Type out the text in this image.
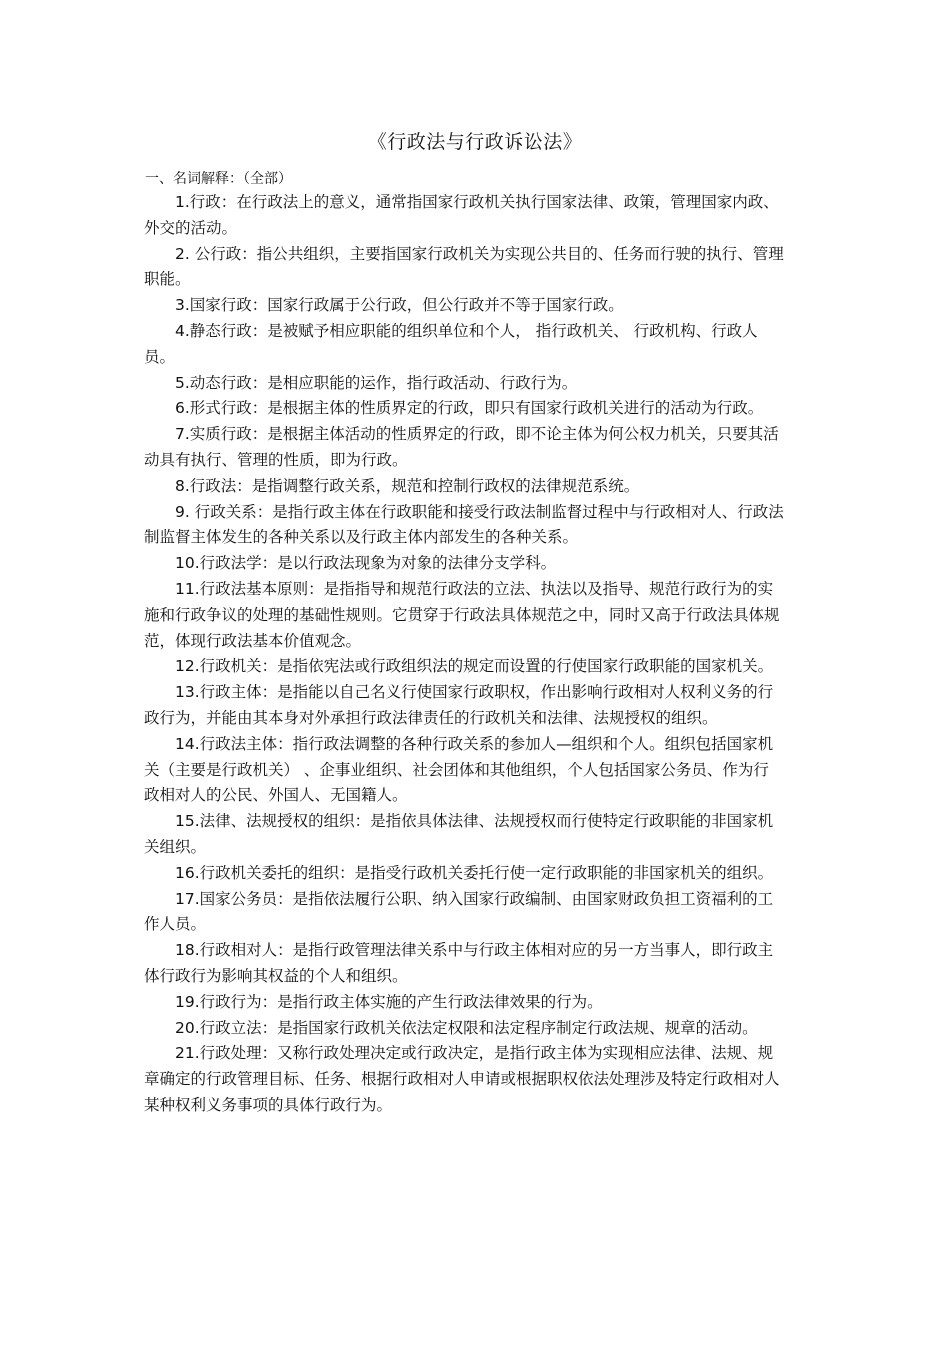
《行政法与行政诉讼法》
一、名词解释：（全部）

1.行政：在行政法上的意义，通常指国家行政机关执行国家法律、政策，管理国家内政、外交的活动。

2. 公行政：指公共组织，主要指国家行政机关为实现公共目的、任务而行驶的执行、管理职能。

3.国家行政：国家行政属于公行政，但公行政并不等于国家行政。

4.静态行政：是被赋予相应职能的组织单位和个人， 指行政机关、 行政机构、行政人员。

5.动态行政：是相应职能的运作，指行政活动、行政行为。

6.形式行政：是根据主体的性质界定的行政，即只有国家行政机关进行的活动为行政。

7.实质行政：是根据主体活动的性质界定的行政，即不论主体为何公权力机关，只要其活动具有执行、管理的性质，即为行政。

8.行政法：是指调整行政关系，规范和控制行政权的法律规范系统。

9. 行政关系：是指行政主体在行政职能和接受行政法制监督过程中与行政相对人、行政法制监督主体发生的各种关系以及行政主体内部发生的各种关系。

10.行政法学：是以行政法现象为对象的法律分支学科。

11.行政法基本原则：是指指导和规范行政法的立法、执法以及指导、规范行政行为的实施和行政争议的处理的基础性规则。它贯穿于行政法具体规范之中，同时又高于行政法具体规范，体现行政法基本价值观念。

12.行政机关：是指依宪法或行政组织法的规定而设置的行使国家行政职能的国家机关。

13.行政主体：是指能以自己名义行使国家行政职权，作出影响行政相对人权利义务的行政行为，并能由其本身对外承担行政法律责任的行政机关和法律、法规授权的组织。

14.行政法主体：指行政法调整的各种行政关系的参加人—组织和个人。组织包括国家机关（主要是行政机关） 、企事业组织、社会团体和其他组织，个人包括国家公务员、作为行政相对人的公民、外国人、无国籍人。

15.法律、法规授权的组织：是指依具体法律、法规授权而行使特定行政职能的非国家机关组织。

16.行政机关委托的组织：是指受行政机关委托行使一定行政职能的非国家机关的组织。

17.国家公务员：是指依法履行公职、纳入国家行政编制、由国家财政负担工资福利的工作人员。

18.行政相对人：是指行政管理法律关系中与行政主体相对应的另一方当事人，即行政主体行政行为影响其权益的个人和组织。

19.行政行为：是指行政主体实施的产生行政法律效果的行为。

20.行政立法：是指国家行政机关依法定权限和法定程序制定行政法规、规章的活动。

21.行政处理：又称行政处理决定或行政决定，是指行政主体为实现相应法律、法规、规章确定的行政管理目标、任务、根据行政相对人申请或根据职权依法处理涉及特定行政相对人某种权利义务事项的具体行政行为。
